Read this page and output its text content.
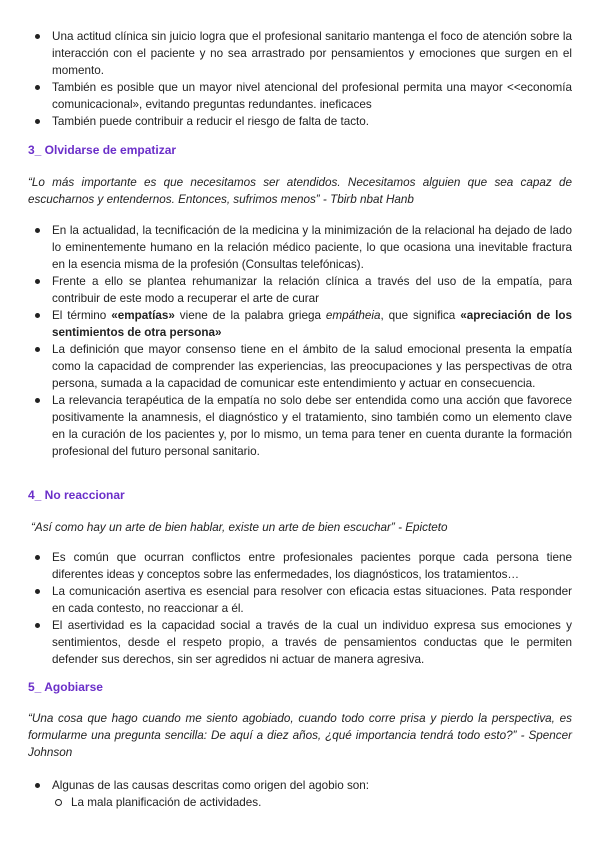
Una actitud clínica sin juicio logra que el profesional sanitario mantenga el foco de atención sobre la interacción con el paciente y no sea arrastrado por pensamientos y emociones que surgen en el momento.
También es posible que un mayor nivel atencional del profesional permita una mayor <<economía comunicacional», evitando preguntas redundantes. ineficaces
También puede contribuir a reducir el riesgo de falta de tacto.
3_ Olvidarse de empatizar
“Lo más importante es que necesitamos ser atendidos. Necesitamos alguien que sea capaz de escucharnos y entendernos. Entonces, sufrimos menos” - Tbirb nbat Hanb
En la actualidad, la tecnificación de la medicina y la minimización de la relacional ha dejado de lado lo eminentemente humano en la relación médico paciente, lo que ocasiona una inevitable fractura en la esencia misma de la profesión (Consultas telefónicas).
Frente a ello se plantea rehumanizar la relación clínica a través del uso de la empatía, para contribuir de este modo a recuperar el arte de curar
El término «empatías» viene de la palabra griega empátheia, que significa «apreciación de los sentimientos de otra persona»
La definición que mayor consenso tiene en el ámbito de la salud emocional presenta la empatía como la capacidad de comprender las experiencias, las preocupaciones y las perspectivas de otra persona, sumada a la capacidad de comunicar este entendimiento y actuar en consecuencia.
La relevancia terapéutica de la empatía no solo debe ser entendida como una acción que favorece positivamente la anamnesis, el diagnóstico y el tratamiento, sino también como un elemento clave en la curación de los pacientes y, por lo mismo, un tema para tener en cuenta durante la formación profesional del futuro personal sanitario.
4_ No reaccionar
“Así como hay un arte de bien hablar, existe un arte de bien escuchar” - Epicteto
Es común que ocurran conflictos entre profesionales pacientes porque cada persona tiene diferentes ideas y conceptos sobre las enfermedades, los diagnósticos, los tratamientos…
La comunicación asertiva es esencial para resolver con eficacia estas situaciones. Pata responder en cada contesto, no reaccionar a él.
El asertividad es la capacidad social a través de la cual un individuo expresa sus emociones y sentimientos, desde el respeto propio, a través de pensamientos conductas que le permiten defender sus derechos, sin ser agredidos ni actuar de manera agresiva.
5_ Agobiarse
“Una cosa que hago cuando me siento agobiado, cuando todo corre prisa y pierdo la perspectiva, es formularme una pregunta sencilla: De aquí a diez años, ¿qué importancia tendrá todo esto?” - Spencer Johnson
Algunas de las causas descritas como origen del agobio son:
La mala planificación de actividades.
